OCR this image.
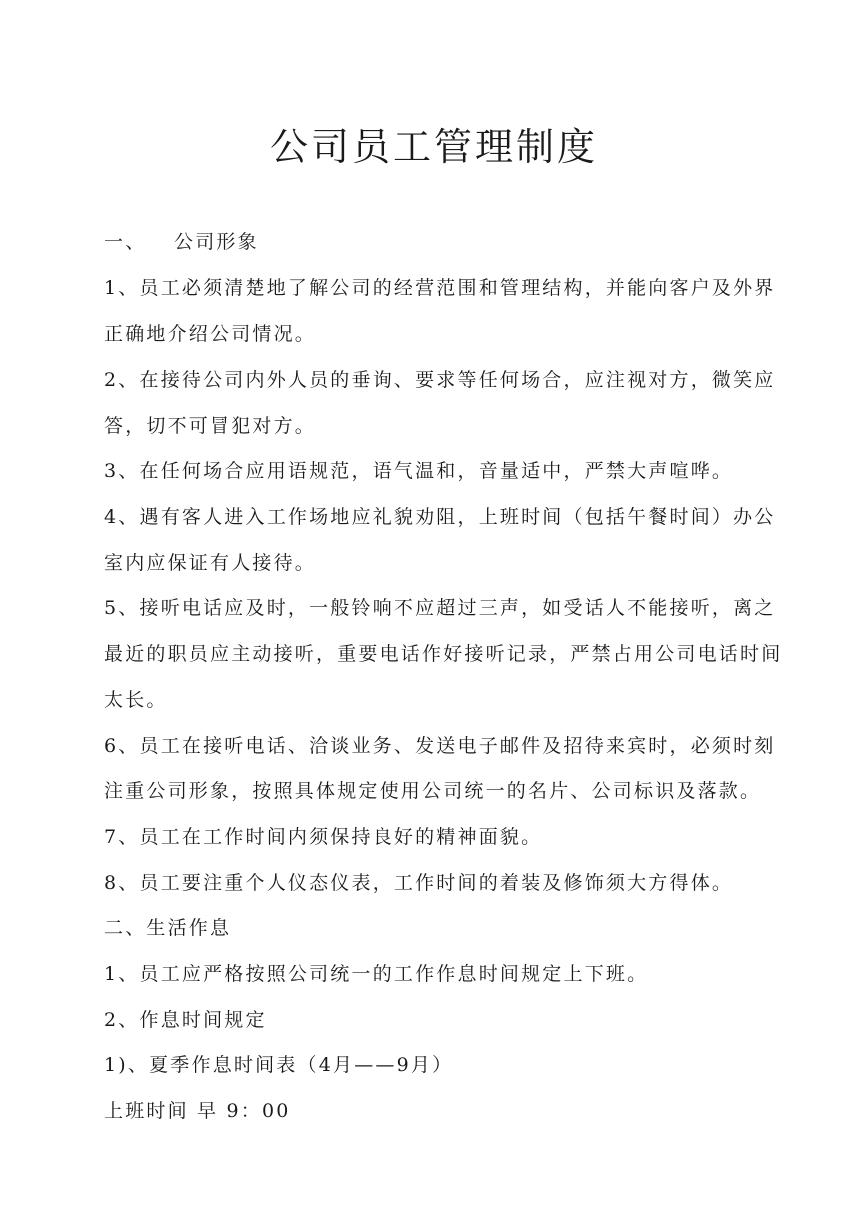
公司员工管理制度
一、 公司形象
1、员工必须清楚地了解公司的经营范围和管理结构，并能向客户及外界
正确地介绍公司情况。
2、在接待公司内外人员的垂询、要求等任何场合，应注视对方，微笑应
答，切不可冒犯对方。
3、在任何场合应用语规范，语气温和，音量适中，严禁大声喧哗。
4、遇有客人进入工作场地应礼貌劝阻，上班时间（包括午餐时间）办公
室内应保证有人接待。
5、接听电话应及时，一般铃响不应超过三声，如受话人不能接听，离之
最近的职员应主动接听，重要电话作好接听记录，严禁占用公司电话时间
太长。
6、员工在接听电话、洽谈业务、发送电子邮件及招待来宾时，必须时刻
注重公司形象，按照具体规定使用公司统一的名片、公司标识及落款。
7、员工在工作时间内须保持良好的精神面貌。
8、员工要注重个人仪态仪表，工作时间的着装及修饰须大方得体。
二、生活作息
1、员工应严格按照公司统一的工作作息时间规定上下班。
2、作息时间规定
1)、夏季作息时间表（4月——9月）
上班时间 早 9：00
